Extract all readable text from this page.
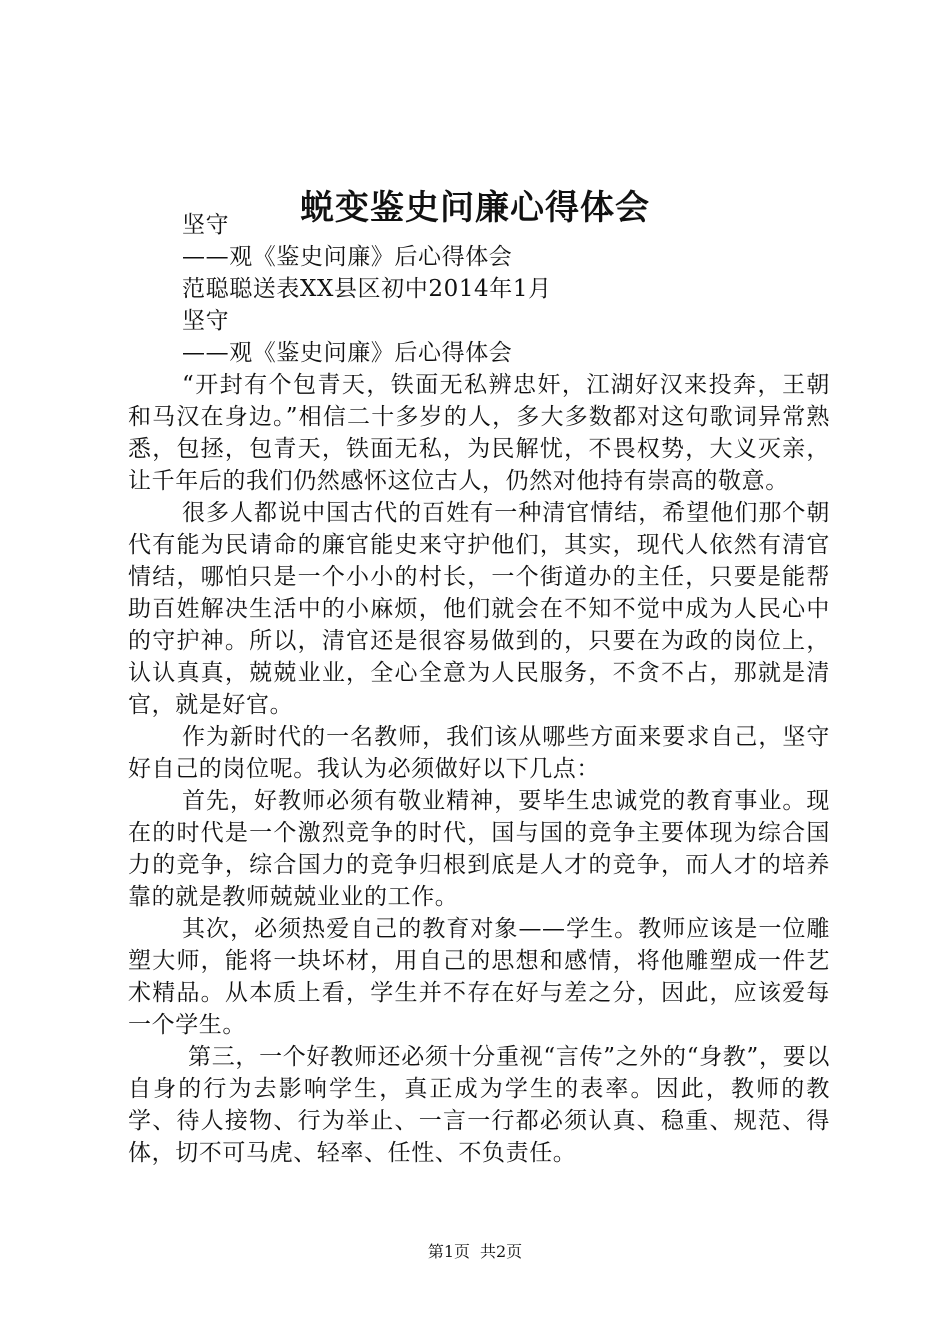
蜕变鉴史问廉心得体会

坚守

——观《鉴史问廉》后心得体会

范聪聪送表XX县区初中2014年1月

坚守

——观《鉴史问廉》后心得体会

“开封有个包青天，铁面无私辨忠奸，江湖好汉来投奔，王朝和马汉在身边。”相信二十多岁的人，多大多数都对这句歌词异常熟悉，包拯，包青天，铁面无私，为民解忧，不畏权势，大义灭亲，让千年后的我们仍然感怀这位古人，仍然对他持有崇高的敬意。

很多人都说中国古代的百姓有一种清官情结，希望他们那个朝代有能为民请命的廉官能史来守护他们，其实，现代人依然有清官情结，哪怕只是一个小小的村长，一个街道办的主任，只要是能帮助百姓解决生活中的小麻烦，他们就会在不知不觉中成为人民心中的守护神。所以，清官还是很容易做到的，只要在为政的岗位上，认认真真，兢兢业业，全心全意为人民服务，不贪不占，那就是清官，就是好官。

作为新时代的一名教师，我们该从哪些方面来要求自己，坚守好自己的岗位呢。我认为必须做好以下几点：

首先，好教师必须有敬业精神，要毕生忠诚党的教育事业。现在的时代是一个激烈竞争的时代，国与国的竞争主要体现为综合国力的竞争，综合国力的竞争归根到底是人才的竞争，而人才的培养靠的就是教师兢兢业业的工作。

其次，必须热爱自己的教育对象——学生。教师应该是一位雕塑大师，能将一块坏材，用自己的思想和感情，将他雕塑成一件艺术精品。从本质上看，学生并不存在好与差之分，因此，应该爱每一个学生。

第三，一个好教师还必须十分重视“言传”之外的“身教”，要以自身的行为去影响学生，真正成为学生的表率。因此，教师的教学、待人接物、行为举止、一言一行都必须认真、稳重、规范、得体，切不可马虎、轻率、任性、不负责任。

第1页 共2页
